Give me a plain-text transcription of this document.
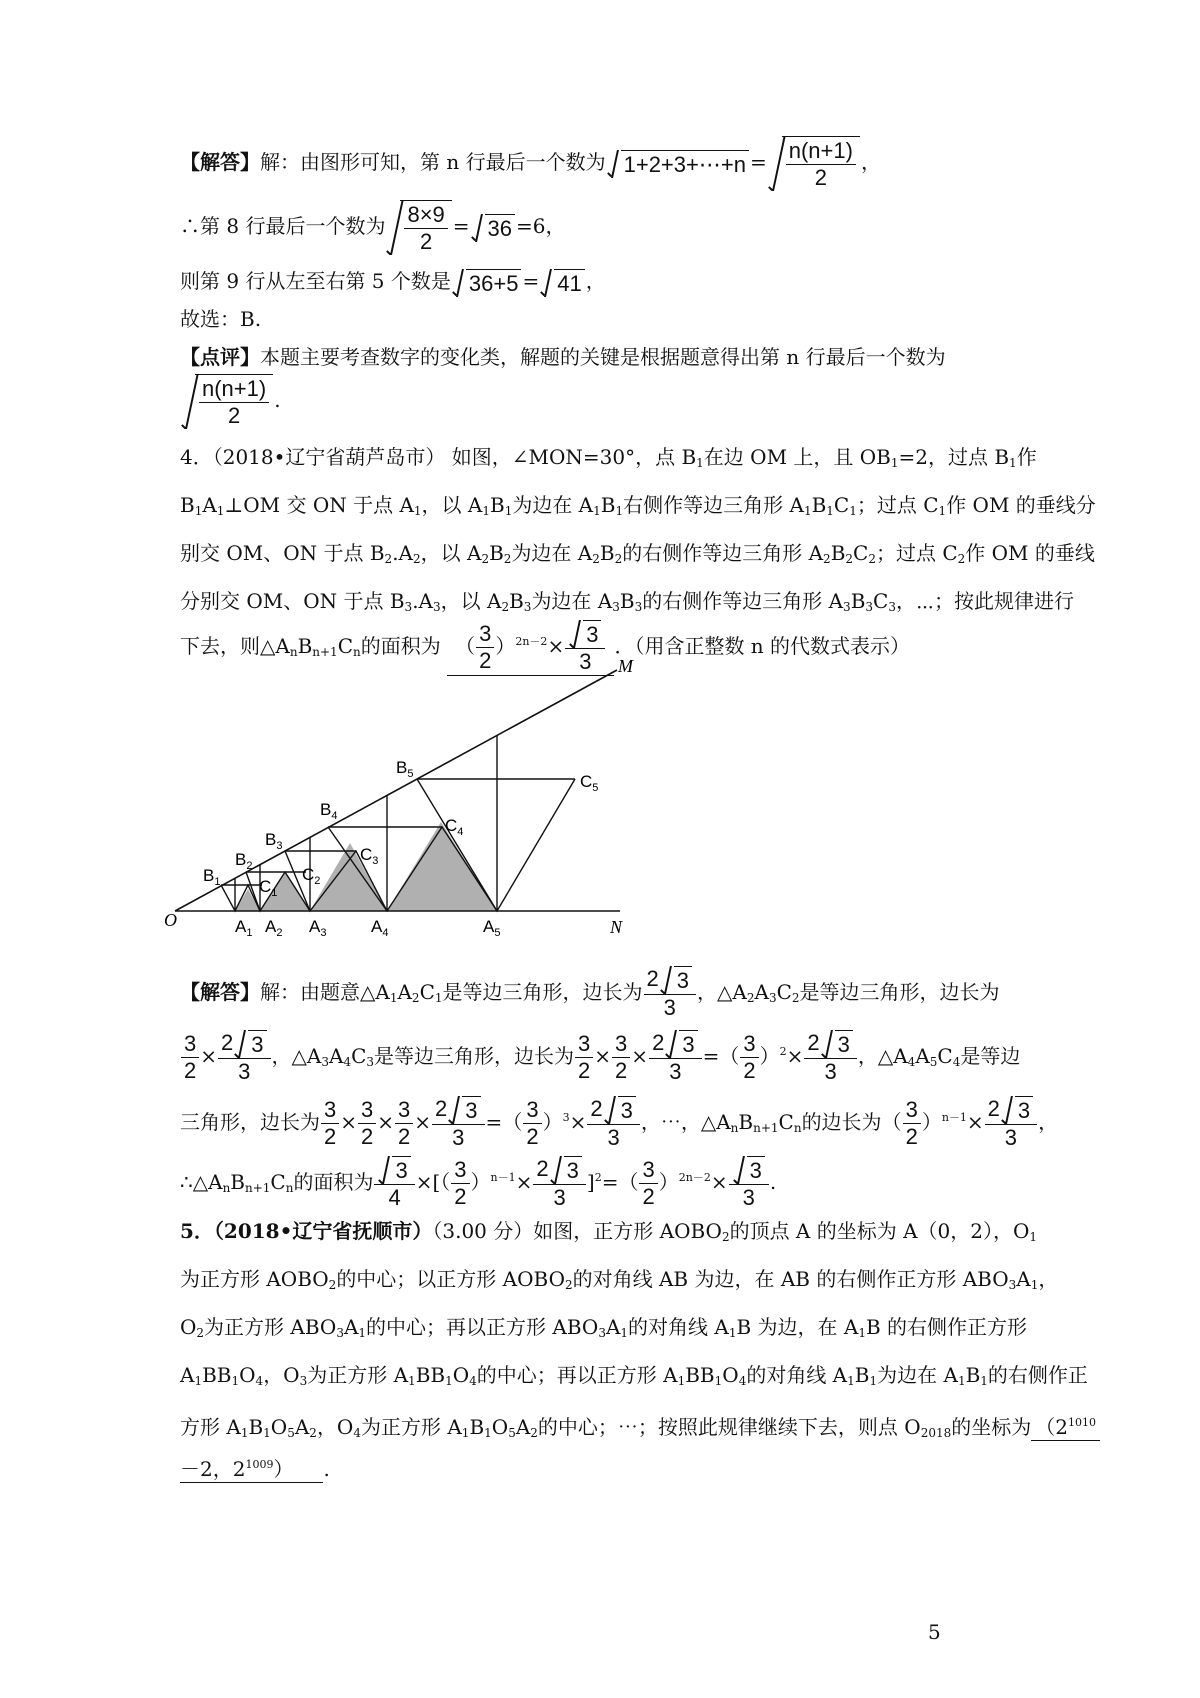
【解答】解：由图形可知，第 n 行最后一个数为 1+2+3+⋯+n = $\frac{n(n+1)}{2}$ ，
∴第 8 行最后一个数为 $\frac{8\times 9}{2} = 36 =6$，
则第 9 行从左至右第 5 个数是 36+5 = 41 ，
故选：B.
【点评】本题主要考查数字的变化类，解题的关键是根据题意得出第 n 行最后一个数为
$\frac{n(n+1)}{2}$ .
4．（2018•辽宁省葫芦岛市） 如图，∠MON=30°，点 $B_1$在边 OM 上，且 $OB_1=2$，过点 $B_1$作
$B_1A_1\perp OM$ 交 ON 于点 $A_1$，以 $A_1B_1$为边在 $A_1B_1$右侧作等边三角形 $A_1B_1C_1$；过点 $C_1$作 OM 的垂线分
别交 OM、ON 于点 $B_2.A_2$，以 $A_2B_2$为边在 $A_2B_2$的右侧作等边三角形 $A_2B_2C_2$；过点 $C_2$作 OM 的垂线
分别交 OM、ON 于点 $B_3.A_3$，以 $A_2B_3$为边在 $A_3B_3$的右侧作等边三角形 $A_3B_3C_3$，⋯；按此规律进行
下去，则$\triangle A_nB_{n+1}C_n$的面积为 （ $\frac{3}{2} )^{2n-2}\times \frac{3}{3}$ ．（用含正整数 n 的代数式表示）
O
M
N
$B_1$
$B_2$
$B_3$
$B_4$
$B_5$
$C_1$
$C_2$
$C_3$
$C_4$
$C_5$
$A_1$ $A_2$ $A_3$	$A_4$	$A_5$
【解答】解：由题意$\triangle A_1A_2C_1$是等边三角形，边长为 $\frac{2 3}{3}$ ，$\triangle A_2A_3C_2$是等边三角形，边长为
$\frac{3}{2} \times \frac{2 3}{3}$ ，$\triangle A_3A_4C_3$是等边三角形，边长为 $\frac{3}{2} \times \frac{3}{2} \times \frac{2 3}{3}$ =（ $\frac{3}{2} )^2\times \frac{2 3}{3}$ ，$\triangle A_4A_5C_4$是等边
三角形，边长为 $\frac{3}{2} \times \frac{3}{2} \times \frac{3}{2} \times \frac{2 3}{3}$ =（ $\frac{3}{2} )^3\times \frac{2 3}{3}$ ，⋯，$\triangle A_nB_{n+1}C_n$的边长为（ $\frac{3}{2} )^{n-1}\times \frac{2 3}{3}$ ，
$\therefore\triangle A_nB_{n+1}C_n$的面积为 $\frac{3}{4}$ ×[（ $\frac{3}{2} )^{n-1}\times \frac{2 3}{3} ]^2=( \frac{3}{2} )^{2n-2}\times \frac{3}{3}$ .
5．（2018•辽宁省抚顺市）（3.00 分）如图，正方形 $AOBO_2$的顶点 A 的坐标为 A（0，2），$O_1$
为正方形 $AOBO_2$的中心；以正方形 $AOBO_2$的对角线 AB 为边，在 AB 的右侧作正方形 $ABO_3A_1$，
$O_2$为正方形 $ABO_3A_1$的中心；再以正方形 $ABO_3A_1$的对角线 $A_1B$ 为边，在 $A_1B$ 的右侧作正方形
$A_1BB_1O_4$，$O_3$为正方形 $A_1BB_1O_4$的中心；再以正方形 $A_1BB_1O_4$的对角线 $A_1B_1$为边在 $A_1B_1$的右侧作正
方形 $A_1B_1O_5A_2$，$O_4$为正方形 $A_1B_1O_5A_2$的中心；⋯；按照此规律继续下去，则点 $O_{2018}$的坐标为 （$2^{1010}$
－2，$2^{1009}$） .
5
